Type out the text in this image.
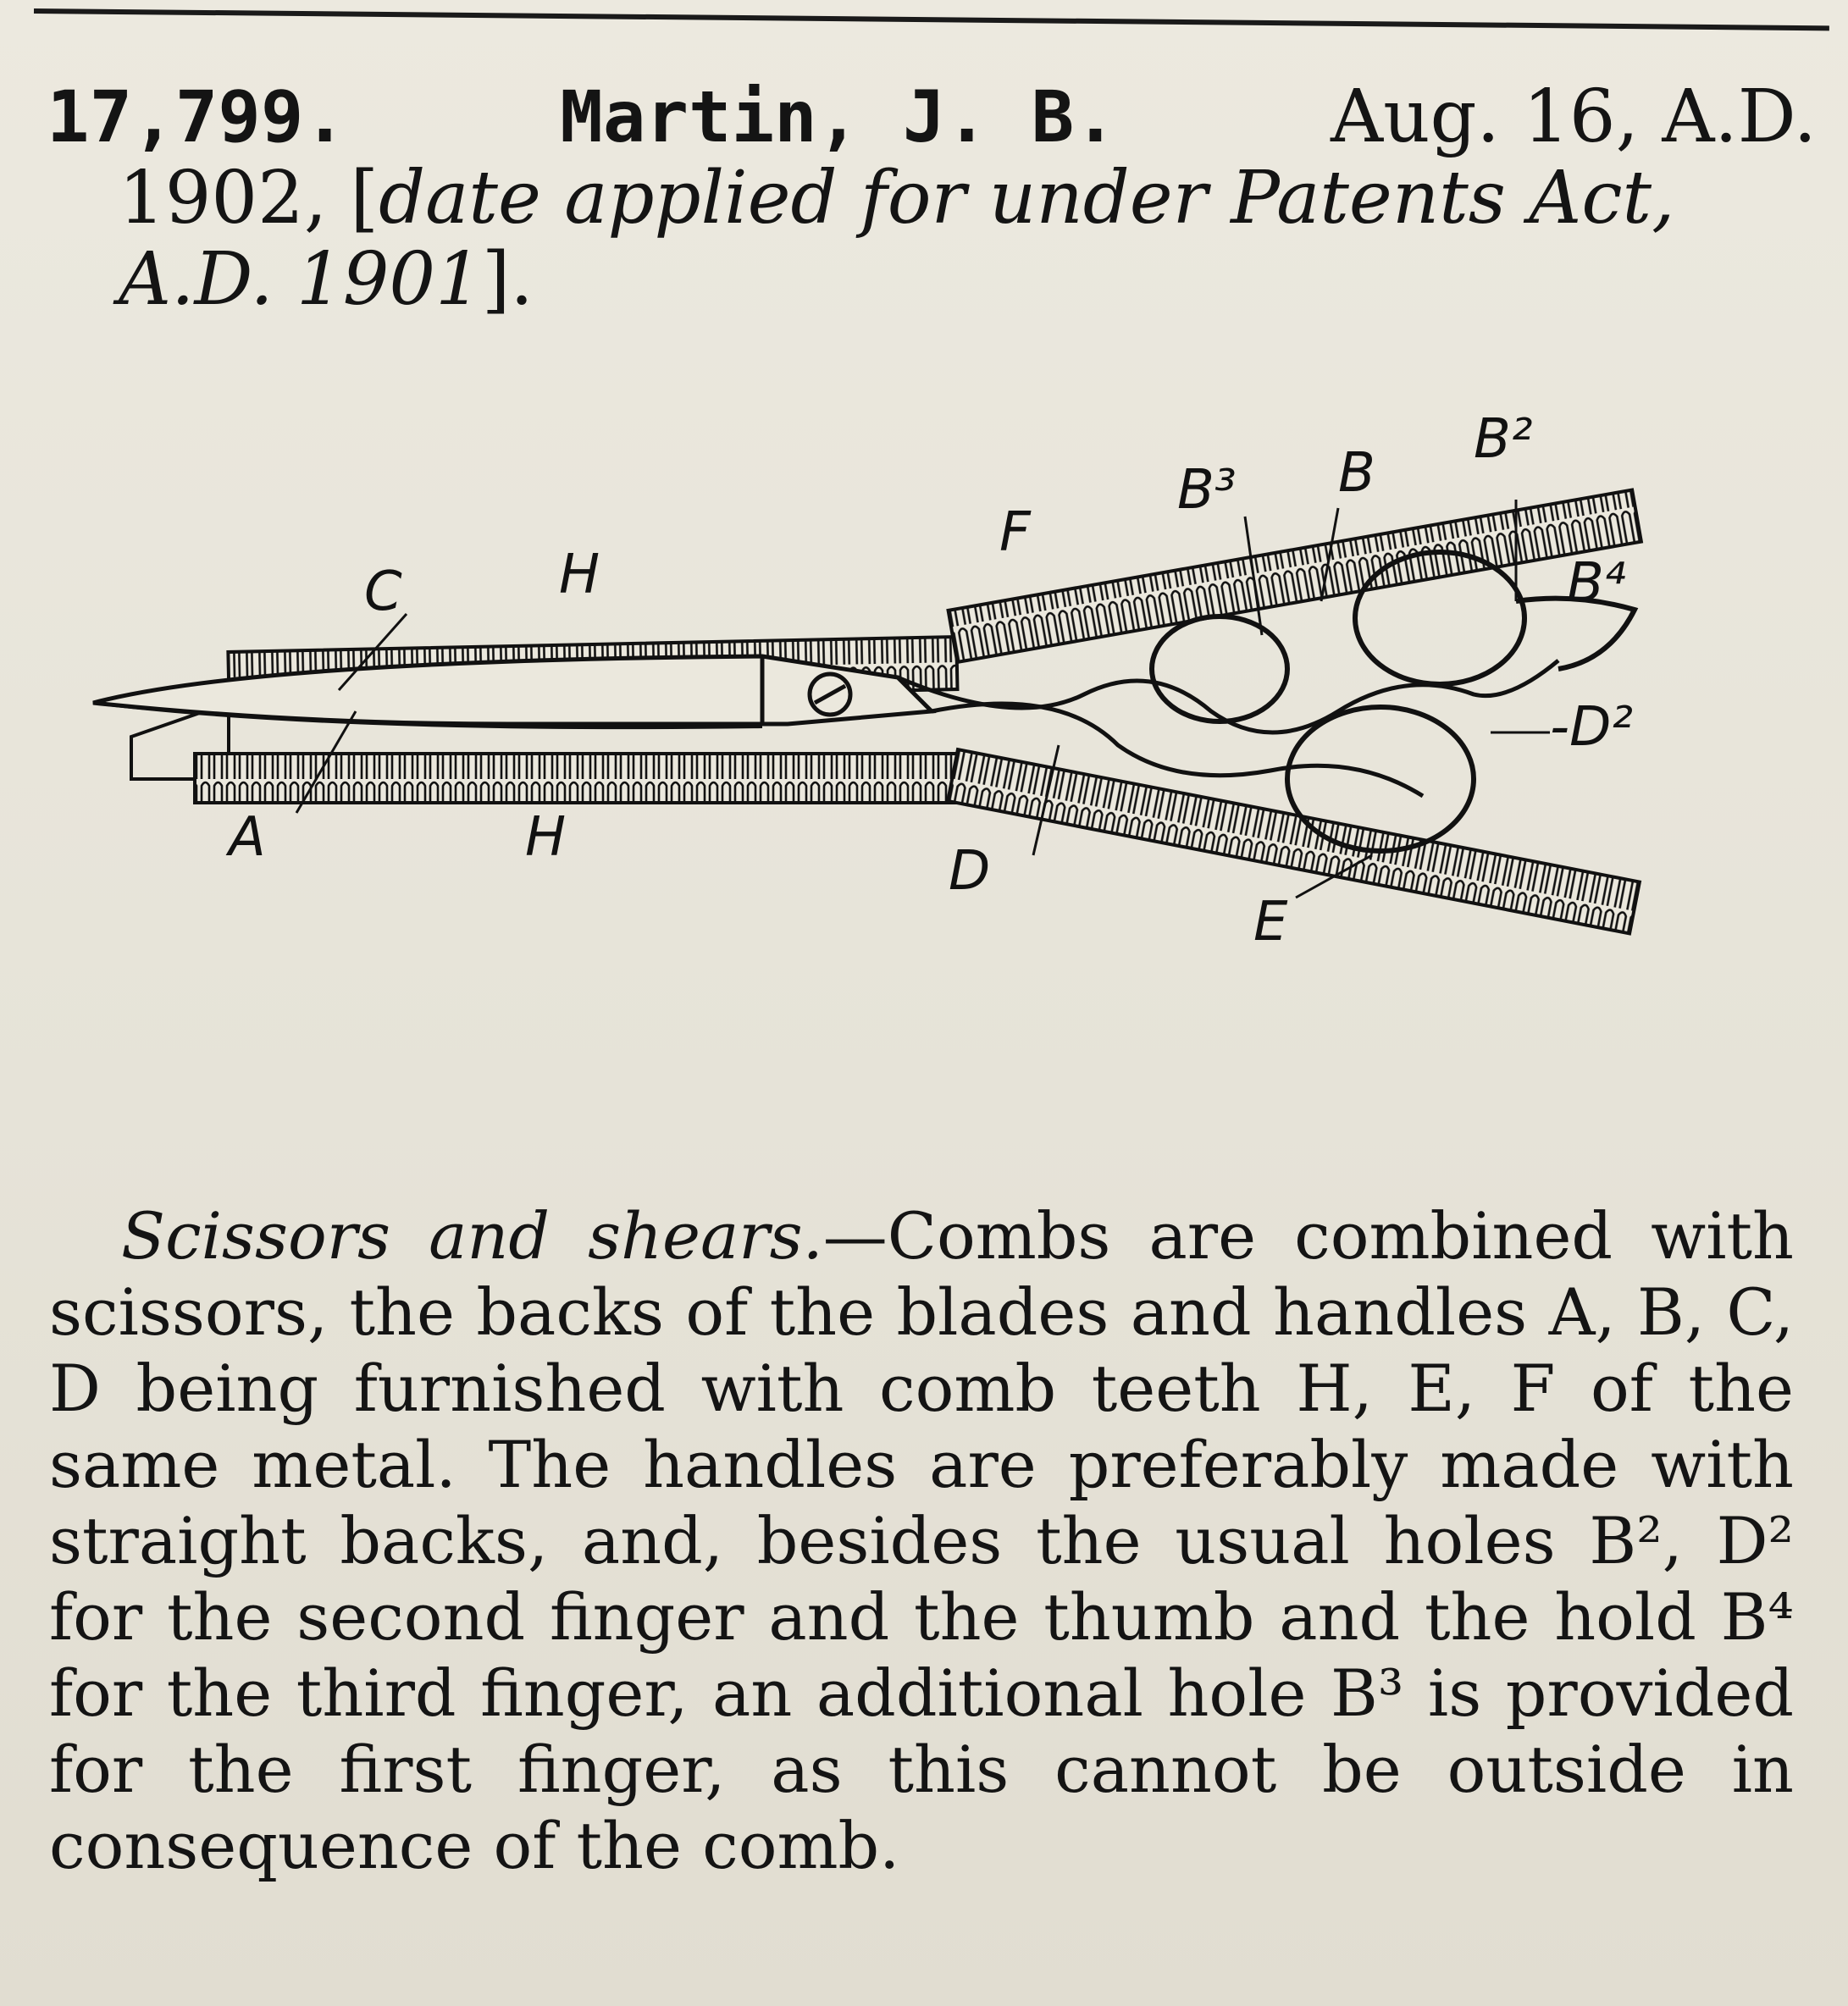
17,799.	Martin, J. B.	Aug. 16, A.D.
1902, [date applied for under Patents Act,
A.D. 1901].
C	H
F
B³ B
B²
B⁴
-D²
A	H
D
E
Scissors and shears.—Combs are combined with scissors, the backs of the blades and handles A, B, C, D being furnished with comb teeth H, E, F of the same metal. The handles are preferably made with straight backs, and, besides the usual holes B², D² for the second finger and the thumb and the hold B⁴ for the third finger, an additional hole B³ is provided for the first finger, as this cannot be outside in consequence of the comb.
